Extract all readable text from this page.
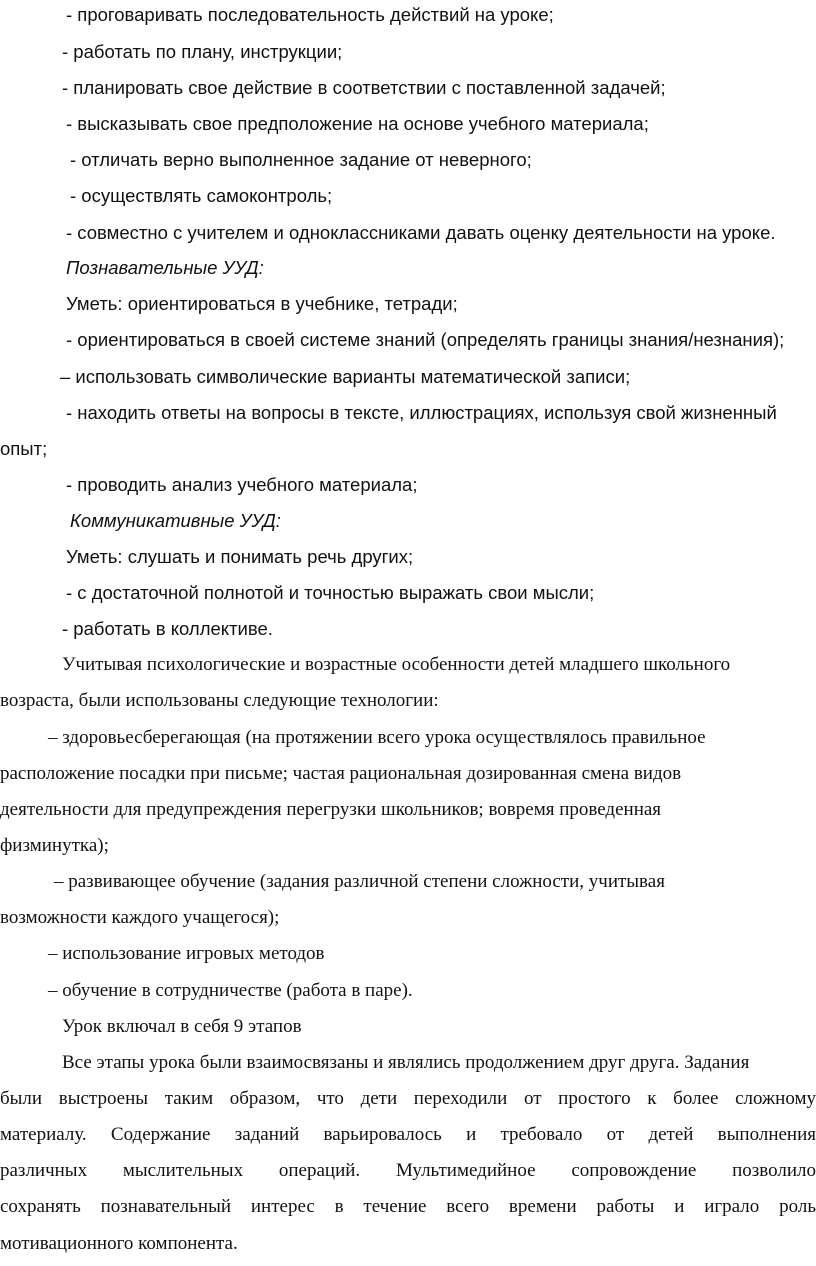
- проговаривать последовательность действий на уроке;
- работать по плану, инструкции;
- планировать свое действие в соответствии с поставленной задачей;
- высказывать свое предположение на основе учебного материала;
- отличать верно выполненное задание от неверного;
- осуществлять самоконтроль;
- совместно с учителем и одноклассниками давать оценку деятельности на уроке.
Познавательные УУД:
Уметь: ориентироваться в учебнике, тетради;
- ориентироваться в своей системе знаний (определять границы знания/незнания);
– использовать символические варианты математической записи;
- находить ответы на вопросы в тексте, иллюстрациях, используя свой жизненный
опыт;
- проводить анализ учебного материала;
Коммуникативные УУД:
Уметь: слушать и понимать речь других;
- с достаточной полнотой и точностью выражать свои мысли;
- работать в коллективе.
Учитывая психологические и возрастные особенности детей младшего школьного
возраста, были использованы следующие технологии:
– здоровьесберегающая (на протяжении всего урока осуществлялось правильное
расположение посадки при письме; частая рациональная дозированная смена видов
деятельности для предупреждения перегрузки школьников; вовремя проведенная
физминутка);
– развивающее обучение (задания различной степени сложности, учитывая
возможности каждого учащегося);
– использование игровых методов
– обучение в сотрудничестве (работа в паре).
Урок включал в себя 9 этапов
Все этапы урока были взаимосвязаны и являлись продолжением друг друга. Задания
были выстроены таким образом, что дети переходили от простого к более сложному
материалу. Содержание заданий варьировалось и требовало от детей выполнения
различных мыслительных операций. Мультимедийное сопровождение позволило
сохранять познавательный интерес в течение всего времени работы и играло роль
мотивационного компонента.
